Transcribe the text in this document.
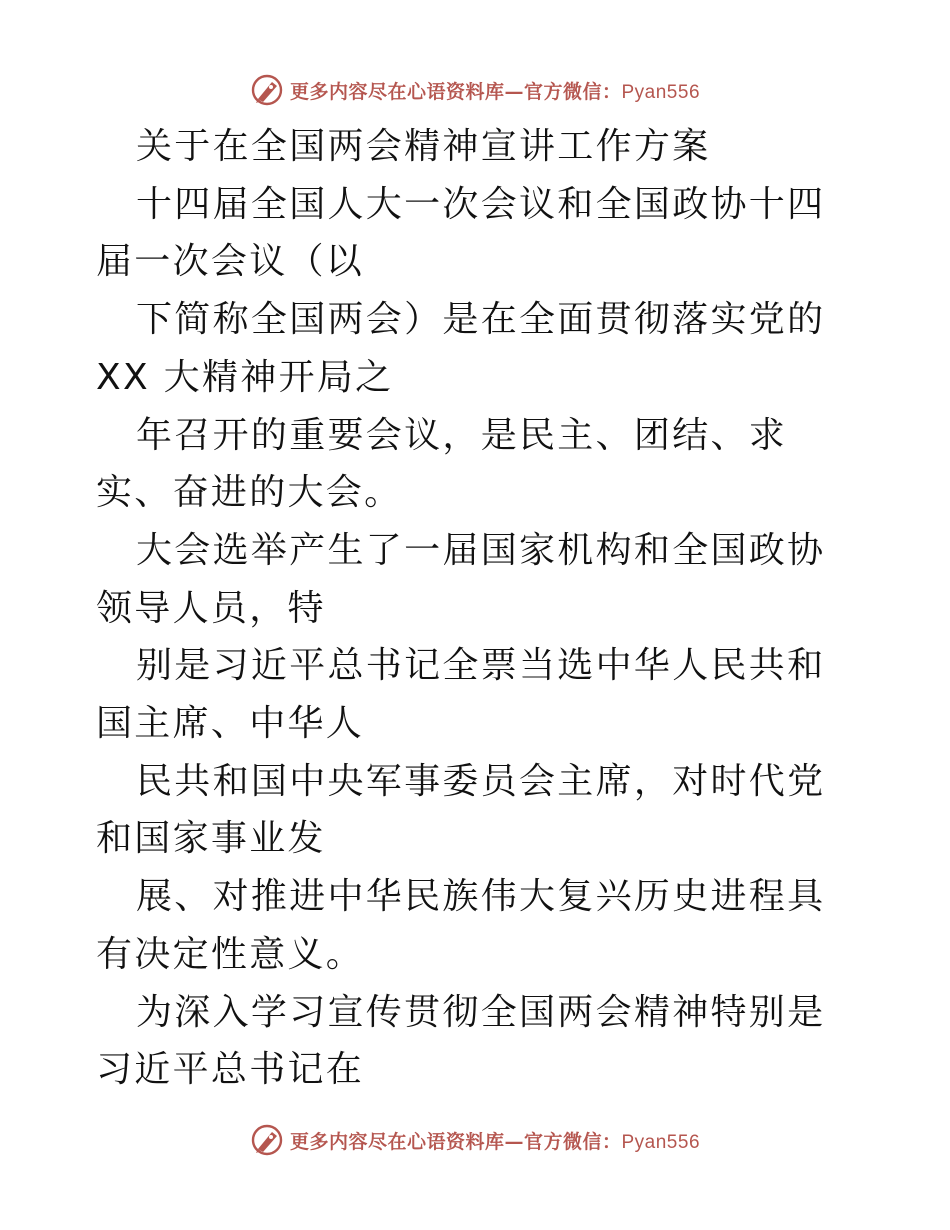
更多内容尽在心语资料库—官方微信：Pyan556

关于在全国两会精神宣讲工作方案

十四届全国人大一次会议和全国政协十四届一次会议（以

下简称全国两会）是在全面贯彻落实党的 XX 大精神开局之

年召开的重要会议，是民主、团结、求实、奋进的大会。

大会选举产生了一届国家机构和全国政协领导人员，特

别是习近平总书记全票当选中华人民共和国主席、中华人

民共和国中央军事委员会主席，对时代党和国家事业发

展、对推进中华民族伟大复兴历史进程具有决定性意义。

为深入学习宣传贯彻全国两会精神特别是习近平总书记在

更多内容尽在心语资料库—官方微信：Pyan556
